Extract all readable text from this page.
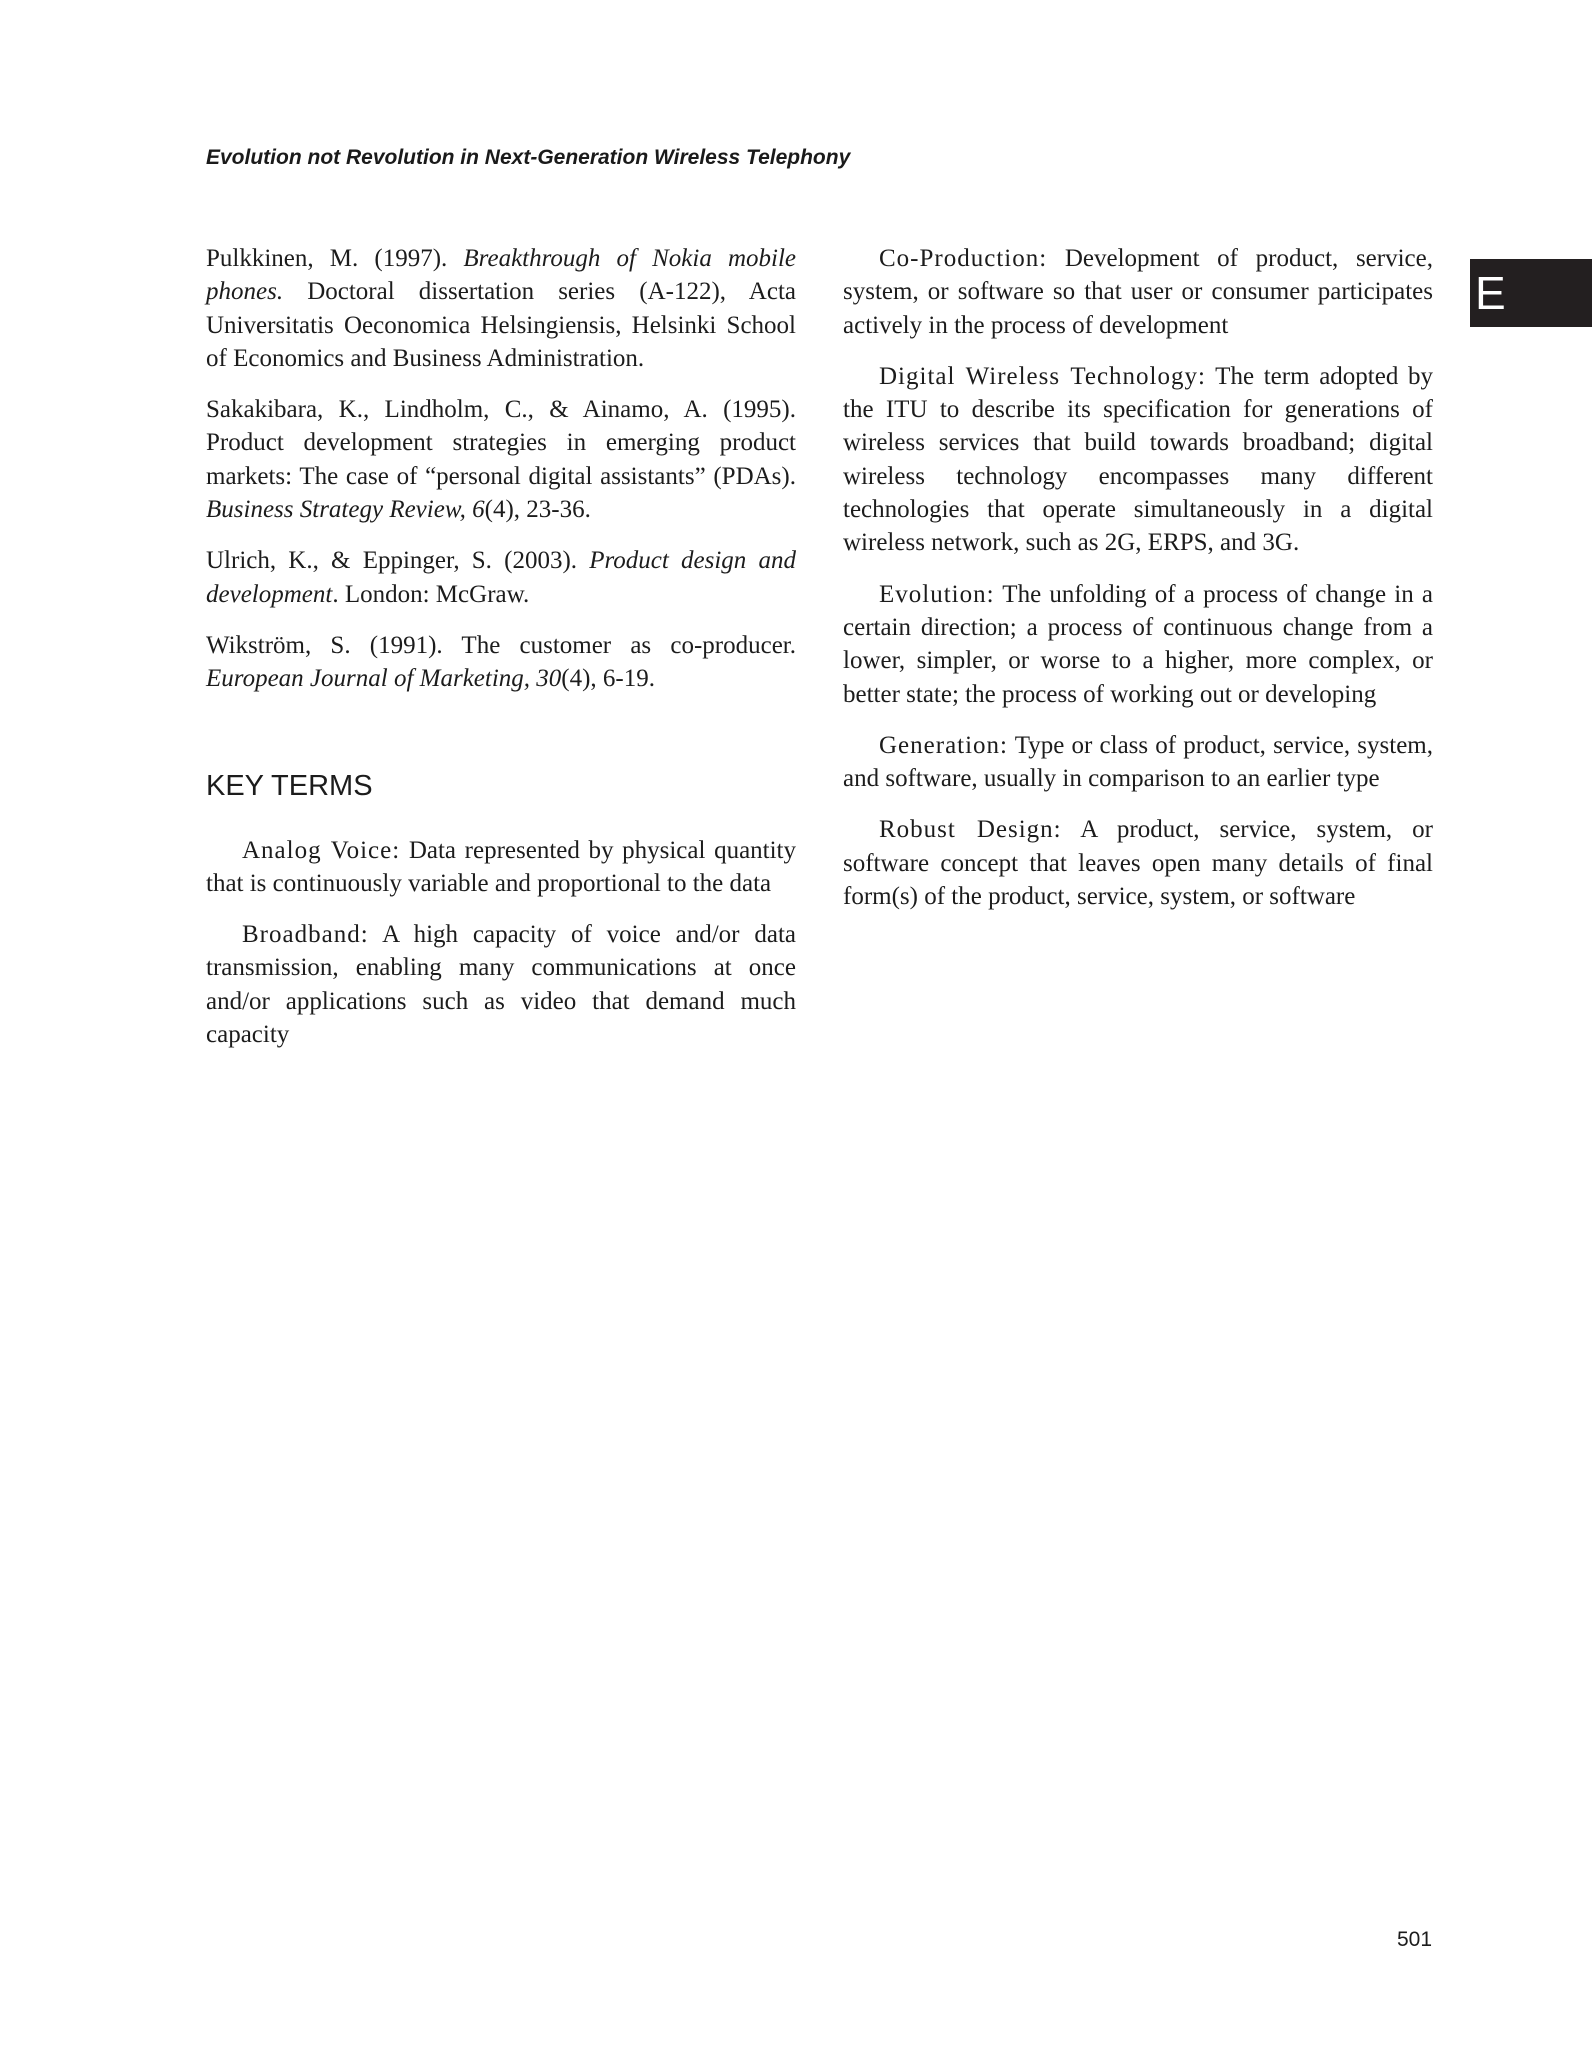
Evolution not Revolution in Next-Generation Wireless Telephony
E

Pulkkinen, M. (1997). Breakthrough of Nokia mobile phones. Doctoral dissertation series (A-122), Acta Universitatis Oeconomica Helsingiensis, Helsinki School of Economics and Business Administration.

Sakakibara, K., Lindholm, C., & Ainamo, A. (1995). Product development strategies in emerging product markets: The case of “personal digital assistants” (PDAs). Business Strategy Review, 6(4), 23-36.

Ulrich, K., & Eppinger, S. (2003). Product design and development. London: McGraw.

Wikström, S. (1991). The customer as co-producer. European Journal of Marketing, 30(4), 6-19.

KEY TERMS

Analog Voice: Data represented by physical quantity that is continuously variable and proportional to the data

Broadband: A high capacity of voice and/or data transmission, enabling many communications at once and/or applications such as video that demand much capacity

Co-Production: Development of product, service, system, or software so that user or consumer participates actively in the process of development

Digital Wireless Technology: The term adopted by the ITU to describe its specification for generations of wireless services that build towards broadband; digital wireless technology encompasses many different technologies that operate simultaneously in a digital wireless network, such as 2G, ERPS, and 3G.

Evolution: The unfolding of a process of change in a certain direction; a process of continuous change from a lower, simpler, or worse to a higher, more complex, or better state; the process of working out or developing

Generation: Type or class of product, service, system, and software, usually in comparison to an earlier type

Robust Design: A product, service, system, or software concept that leaves open many details of final form(s) of the product, service, system, or software

501
